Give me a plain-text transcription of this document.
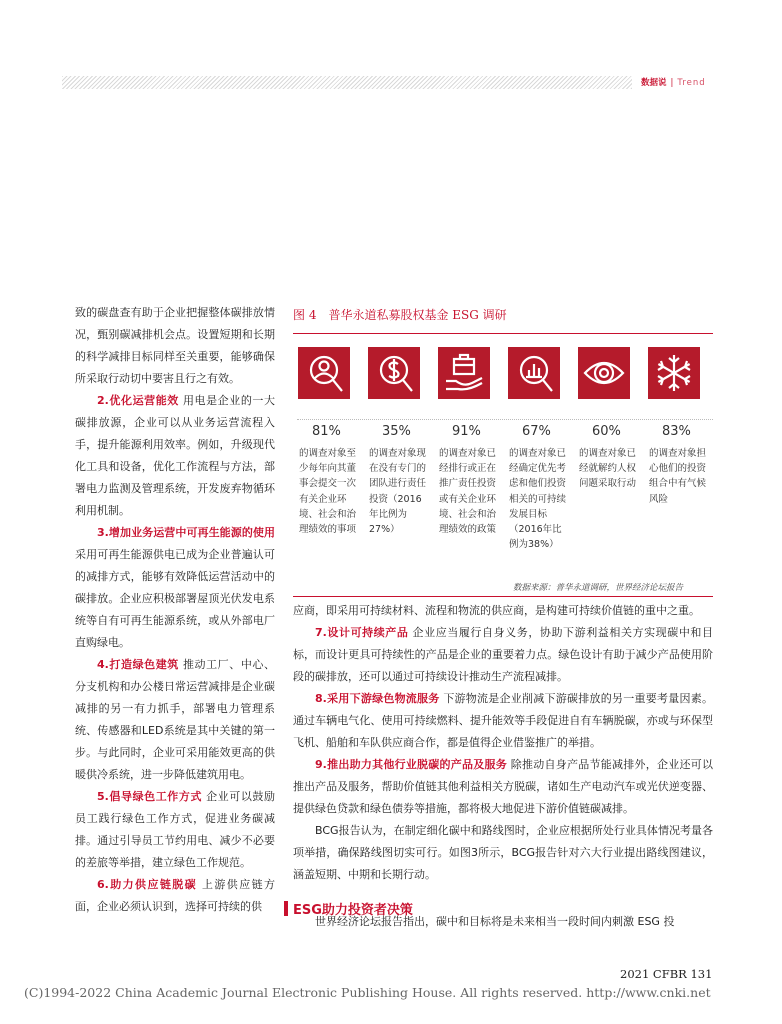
数据说 | Trend

致的碳盘查有助于企业把握整体碳排放情况，甄别碳减排机会点。设置短期和长期的科学减排目标同样至关重要，能够确保所采取行动切中要害且行之有效。

2.优化运营能效 用电是企业的一大碳排放源，企业可以从业务运营流程入手，提升能源利用效率。例如，升级现代化工具和设备，优化工作流程与方法，部署电力监测及管理系统，开发废弃物循环利用机制。

3.增加业务运营中可再生能源的使用 采用可再生能源供电已成为企业普遍认可的减排方式，能够有效降低运营活动中的碳排放。企业应积极部署屋顶光伏发电系统等自有可再生能源系统，或从外部电厂直购绿电。

4.打造绿色建筑 推动工厂、中心、分支机构和办公楼日常运营减排是企业碳减排的另一有力抓手，部署电力管理系统、传感器和LED系统是其中关键的第一步。与此同时，企业可采用能效更高的供暖供冷系统，进一步降低建筑用电。

5.倡导绿色工作方式 企业可以鼓励员工践行绿色工作方式，促进业务碳减排。通过引导员工节约用电、减少不必要的差旅等举措，建立绿色工作规范。

6.助力供应链脱碳 上游供应链方面，企业必须认识到，选择可持续的供

图 4　普华永道私募股权基金 ESG 调研
81%	35%	91%	67%	60%	83%
的调查对象至少每年向其董事会提交一次有关企业环境、社会和治理绩效的事项
的调查对象现在没有专门的团队进行责任投资（2016年比例为27%）
的调查对象已经排行或正在推广责任投资或有关企业环境、社会和治理绩效的政策
的调查对象已经确定优先考虑和他们投资相关的可持续发展目标（2016年比例为38%）
的调查对象已经就解约人权问题采取行动
的调查对象担心他们的投资组合中有气候风险
数据来源：普华永道调研，世界经济论坛报告

应商，即采用可持续材料、流程和物流的供应商，是构建可持续价值链的重中之重。

7.设计可持续产品 企业应当履行自身义务，协助下游利益相关方实现碳中和目标，而设计更具可持续性的产品是企业的重要着力点。绿色设计有助于减少产品使用阶段的碳排放，还可以通过可持续设计推动生产流程减排。

8.采用下游绿色物流服务 下游物流是企业削减下游碳排放的另一重要考量因素。通过车辆电气化、使用可持续燃料、提升能效等手段促进自有车辆脱碳，亦或与环保型飞机、船舶和车队供应商合作，都是值得企业借鉴推广的举措。

9.推出助力其他行业脱碳的产品及服务 除推动自身产品节能减排外，企业还可以推出产品及服务，帮助价值链其他利益相关方脱碳，诸如生产电动汽车或光伏逆变器、提供绿色贷款和绿色债券等措施，都将极大地促进下游价值链碳减排。

BCG报告认为，在制定细化碳中和路线图时，企业应根据所处行业具体情况考量各项举措，确保路线图切实可行。如图3所示，BCG报告针对六大行业提出路线图建议，涵盖短期、中期和长期行动。

ESG助力投资者决策
世界经济论坛报告指出，碳中和目标将是未来相当一段时间内刺激 ESG 投
2021 CFBR 131
(C)1994-2022 China Academic Journal Electronic Publishing House. All rights reserved. http://www.cnki.net
